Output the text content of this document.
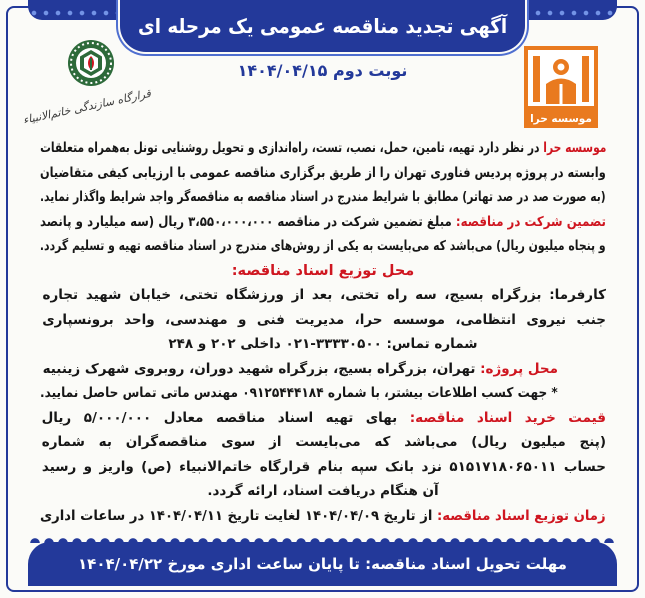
آگهی تجدید مناقصه عمومی یک مرحله ای
نوبت دوم ۱۴۰۴/۰۴/۱۵
قرارگاه سازندگی خاتم‌الانبیاء	موسسه حرا
موسسه حرا در نظر دارد تهیه، تامین، حمل، نصب، تست، راه‌اندازی و تحویل روشنایی تونل به‌همراه متعلقات
وابسته در پروژه پردیس فناوری تهران را از طریق برگزاری مناقصه عمومی با ارزیابی کیفی متقاضیان
(به صورت صد در صد تهاتر) مطابق با شرایط مندرج در اسناد مناقصه به مناقصه‌گر واجد شرایط واگذار نماید.
تضمین شرکت در مناقصه: مبلغ تضمین شرکت در مناقصه ۳،۵۵۰،۰۰۰،۰۰۰ ریال (سه میلیارد و پانصد
و پنجاه میلیون ریال) می‌باشد که می‌بایست به یکی از روش‌های مندرج در اسناد مناقصه تهیه و تسلیم گردد.
محل توزیع اسناد مناقصه:
کارفرما: بزرگراه بسیج، سه راه تختی، بعد از ورزشگاه تختی، خیابان شهید تجاره
جنب نیروی انتظامی، موسسه حرا، مدیریت فنی و مهندسی، واحد برونسپاری
شماره تماس: ۳۳۳۳۰۵۰۰-۰۲۱ داخلی ۲۰۲ و ۲۴۸
محل پروژه: تهران، بزرگراه بسیج، بزرگراه شهید دوران، روبروی شهرک زینبیه
* جهت کسب اطلاعات بیشتر، با شماره ۰۹۱۲۵۴۴۴۱۸۴ مهندس ماتی تماس حاصل نمایید.
قیمت خرید اسناد مناقصه: بهای تهیه اسناد مناقصه معادل ۵/۰۰۰/۰۰۰ ریال
(پنج میلیون ریال) می‌باشد که می‌بایست از سوی مناقصه‌گران به شماره
حساب ۵۱۵۱۷۱۸۰۶۵۰۱۱ نزد بانک سپه بنام قرارگاه خاتم‌الانبیاء (ص) واریز و رسید
آن هنگام دریافت اسناد، ارائه گردد.
زمان توزیع اسناد مناقصه: از تاریخ ۱۴۰۴/۰۴/۰۹ لغایت تاریخ ۱۴۰۴/۰۴/۱۱ در ساعات اداری
مهلت تحویل اسناد مناقصه: تا پایان ساعت اداری مورخ ۱۴۰۴/۰۴/۲۲
